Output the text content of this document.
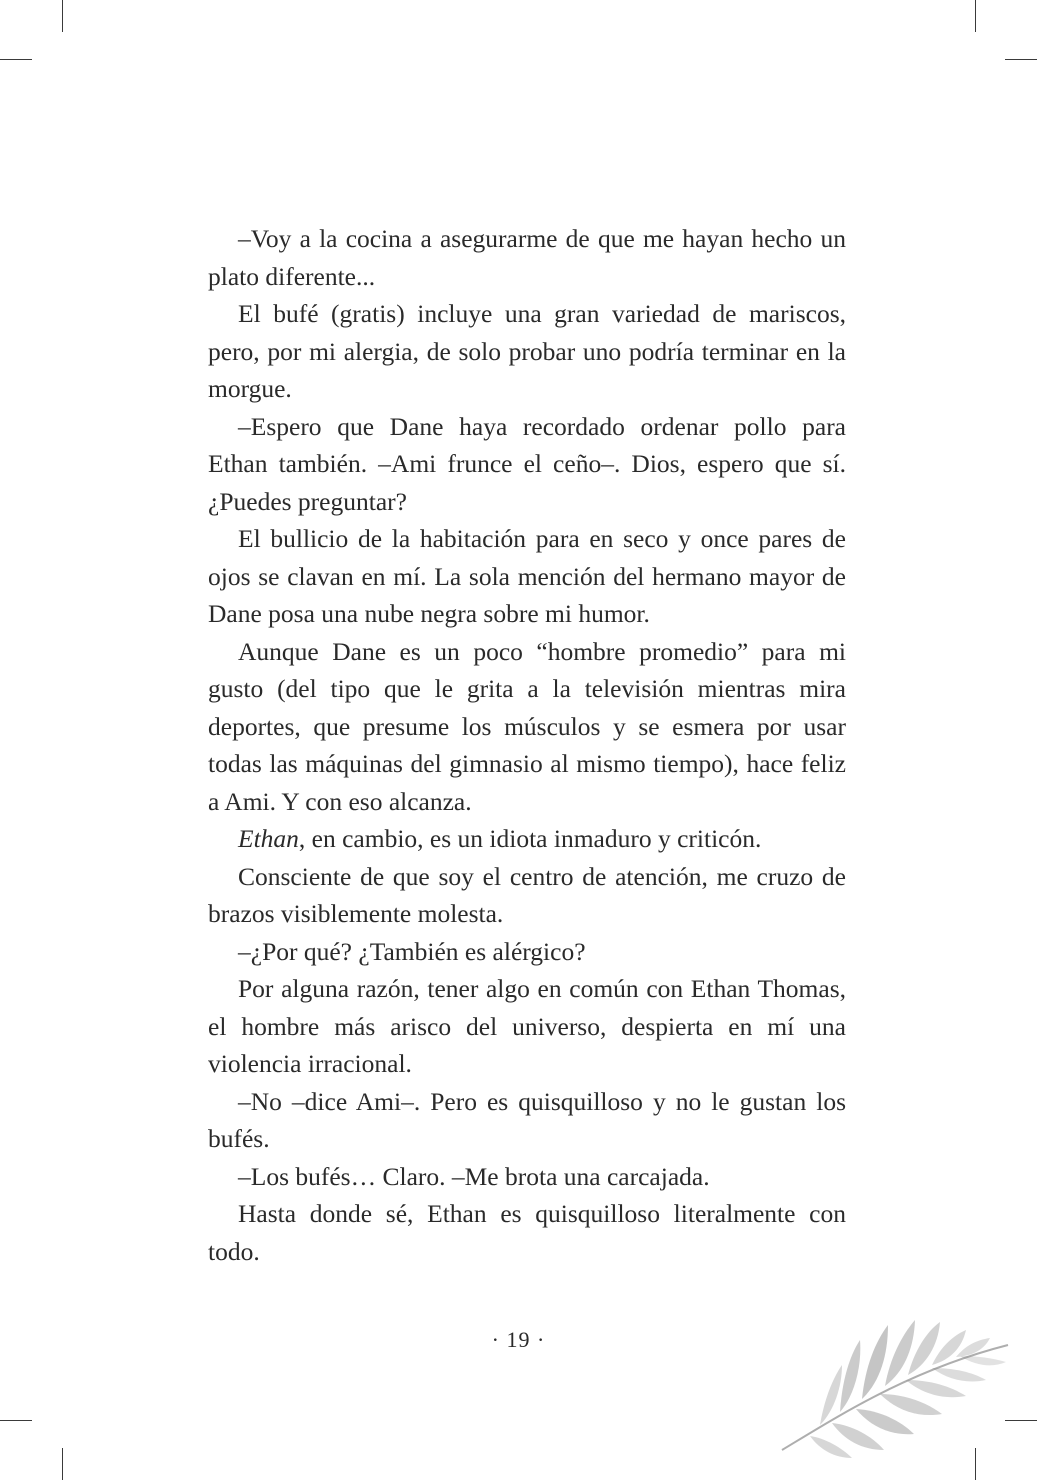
–Voy a la cocina a asegurarme de que me hayan hecho un plato diferente...

El bufé (gratis) incluye una gran variedad de mariscos, pero, por mi alergia, de solo probar uno podría terminar en la morgue.

–Espero que Dane haya recordado ordenar pollo para Ethan también. –Ami frunce el ceño–. Dios, espero que sí. ¿Puedes preguntar?

El bullicio de la habitación para en seco y once pares de ojos se clavan en mí. La sola mención del hermano mayor de Dane posa una nube negra sobre mi humor.

Aunque Dane es un poco “hombre promedio” para mi gusto (del tipo que le grita a la televisión mientras mira deportes, que presume los músculos y se esmera por usar todas las máquinas del gimnasio al mismo tiempo), hace feliz a Ami. Y con eso alcanza.

Ethan, en cambio, es un idiota inmaduro y criticón.

Consciente de que soy el centro de atención, me cruzo de brazos visiblemente molesta.

–¿Por qué? ¿También es alérgico?

Por alguna razón, tener algo en común con Ethan Thomas, el hombre más arisco del universo, despierta en mí una violencia irracional.

–No –dice Ami–. Pero es quisquilloso y no le gustan los bufés.

–Los bufés… Claro. –Me brota una carcajada.

Hasta donde sé, Ethan es quisquilloso literalmente con todo.

· 19 ·
